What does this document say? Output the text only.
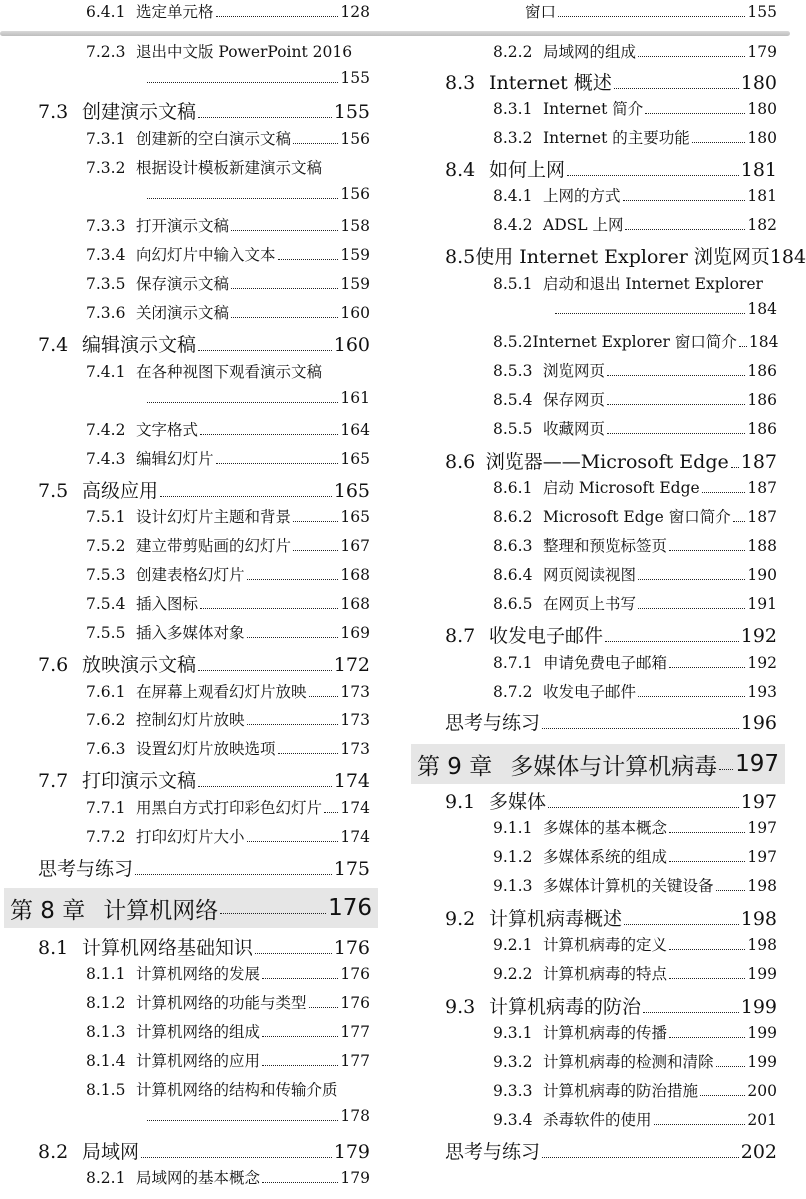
6.4.1 选定单元格	128
7.2.3 退出中文版 PowerPoint 2016
155
7.3 创建演示文稿	155
7.3.1 创建新的空白演示文稿	156
7.3.2 根据设计模板新建演示文稿
156
7.3.3 打开演示文稿	158
7.3.4 向幻灯片中输入文本	159
7.3.5 保存演示文稿	159
7.3.6 关闭演示文稿	160
7.4 编辑演示文稿	160
7.4.1 在各种视图下观看演示文稿
161
7.4.2 文字格式	164
7.4.3 编辑幻灯片	165
7.5 高级应用	165
7.5.1 设计幻灯片主题和背景	165
7.5.2 建立带剪贴画的幻灯片	167
7.5.3 创建表格幻灯片	168
7.5.4 插入图标	168
7.5.5 插入多媒体对象	169
7.6 放映演示文稿	172
7.6.1 在屏幕上观看幻灯片放映 173
7.6.2 控制幻灯片放映	173
7.6.3 设置幻灯片放映选项	173
7.7 打印演示文稿	174
7.7.1 用黑白方式打印彩色幻灯片 174
7.7.2 打印幻灯片大小	174
思考与练习	175
第 8 章 计算机网络	176
8.1 计算机网络基础知识	176
8.1.1 计算机网络的发展	176
8.1.2 计算机网络的功能与类型 176
8.1.3 计算机网络的组成	177
8.1.4 计算机网络的应用	177
8.1.5 计算机网络的结构和传输介质
178
8.2 局域网	179
8.2.1 局域网的基本概念	179
窗口	155
8.2.2 局域网的组成	179
8.3 Internet 概述	180
8.3.1 Internet 简介	180
8.3.2 Internet 的主要功能	180
8.4 如何上网	181
8.4.1 上网的方式	181
8.4.2 ADSL 上网	182
8.5 使用 Internet Explorer 浏览网页 184
8.5.1 启动和退出 Internet Explorer
184
8.5.2 Internet Explorer 窗口简介 184
8.5.3 浏览网页	186
8.5.4 保存网页	186
8.5.5 收藏网页	186
8.6 浏览器——Microsoft Edge 187
8.6.1 启动 Microsoft Edge	187
8.6.2 Microsoft Edge 窗口简介 187
8.6.3 整理和预览标签页	188
8.6.4 网页阅读视图	190
8.6.5 在网页上书写	191
8.7 收发电子邮件	192
8.7.1 申请免费电子邮箱	192
8.7.2 收发电子邮件	193
思考与练习	196
第 9 章 多媒体与计算机病毒 197
9.1 多媒体	197
9.1.1 多媒体的基本概念	197
9.1.2 多媒体系统的组成	197
9.1.3 多媒体计算机的关键设备 198
9.2 计算机病毒概述	198
9.2.1 计算机病毒的定义	198
9.2.2 计算机病毒的特点	199
9.3 计算机病毒的防治	199
9.3.1 计算机病毒的传播	199
9.3.2 计算机病毒的检测和清除 199
9.3.3 计算机病毒的防治措施	200
9.3.4 杀毒软件的使用	201
思考与练习	202
